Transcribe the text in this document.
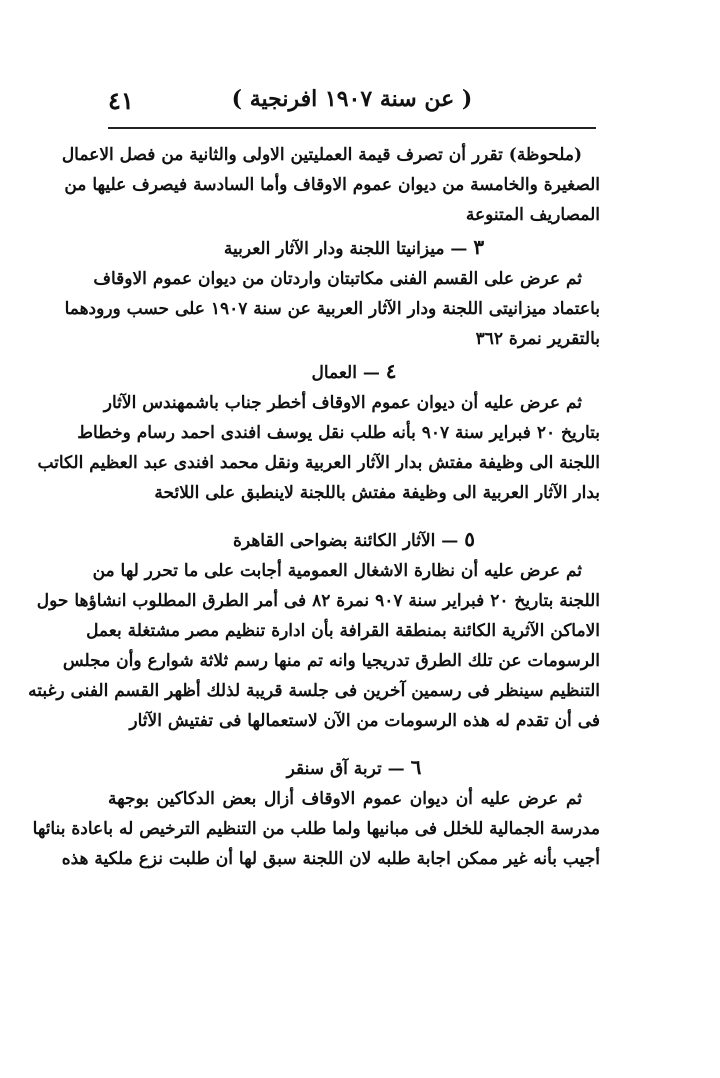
٤١	( عن سنة ١٩٠٧ افرنجية )
(ملحوظة) تقرر أن تصرف قيمة العمليتين الاولى والثانية من فصل الاعمال
الصغيرة والخامسة من ديوان عموم الاوقاف وأما السادسة فيصرف عليها من
المصاريف المتنوعة
٣ — ميزانيتا اللجنة ودار الآثار العربية
ثم عرض على القسم الفنى مكاتبتان واردتان من ديوان عموم الاوقاف
باعتماد ميزانيتى اللجنة ودار الآثار العربية عن سنة ١٩٠٧ على حسب ورودهما
بالتقرير نمرة ٣٦٢
٤ — العمال
ثم عرض عليه أن ديوان عموم الاوقاف أخطر جناب باشمهندس الآثار
بتاريخ ٢٠ فبراير سنة ٩٠٧ بأنه طلب نقل يوسف افندى احمد رسام وخطاط
اللجنة الى وظيفة مفتش بدار الآثار العربية ونقل محمد افندى عبد العظيم الكاتب
بدار الآثار العربية الى وظيفة مفتش باللجنة لاينطبق على اللائحة
٥ — الآثار الكائنة بضواحى القاهرة
ثم عرض عليه أن نظارة الاشغال العمومية أجابت على ما تحرر لها من
اللجنة بتاريخ ٢٠ فبراير سنة ٩٠٧ نمرة ٨٢ فى أمر الطرق المطلوب انشاؤها حول
الاماكن الآثرية الكائنة بمنطقة القرافة بأن ادارة تنظيم مصر مشتغلة بعمل
الرسومات عن تلك الطرق تدريجيا وانه تم منها رسم ثلاثة شوارع وأن مجلس
التنظيم سينظر فى رسمين آخرين فى جلسة قريبة لذلك أظهر القسم الفنى رغبته
فى أن تقدم له هذه الرسومات من الآن لاستعمالها فى تفتيش الآثار
٦ — تربة آق سنقر
ثم عرض عليه أن ديوان عموم الاوقاف أزال بعض الدكاكين بوجهة
مدرسة الجمالية للخلل فى مبانيها ولما طلب من التنظيم الترخيص له باعادة بنائها
أجيب بأنه غير ممكن اجابة طلبه لان اللجنة سبق لها أن طلبت نزع ملكية هذه
